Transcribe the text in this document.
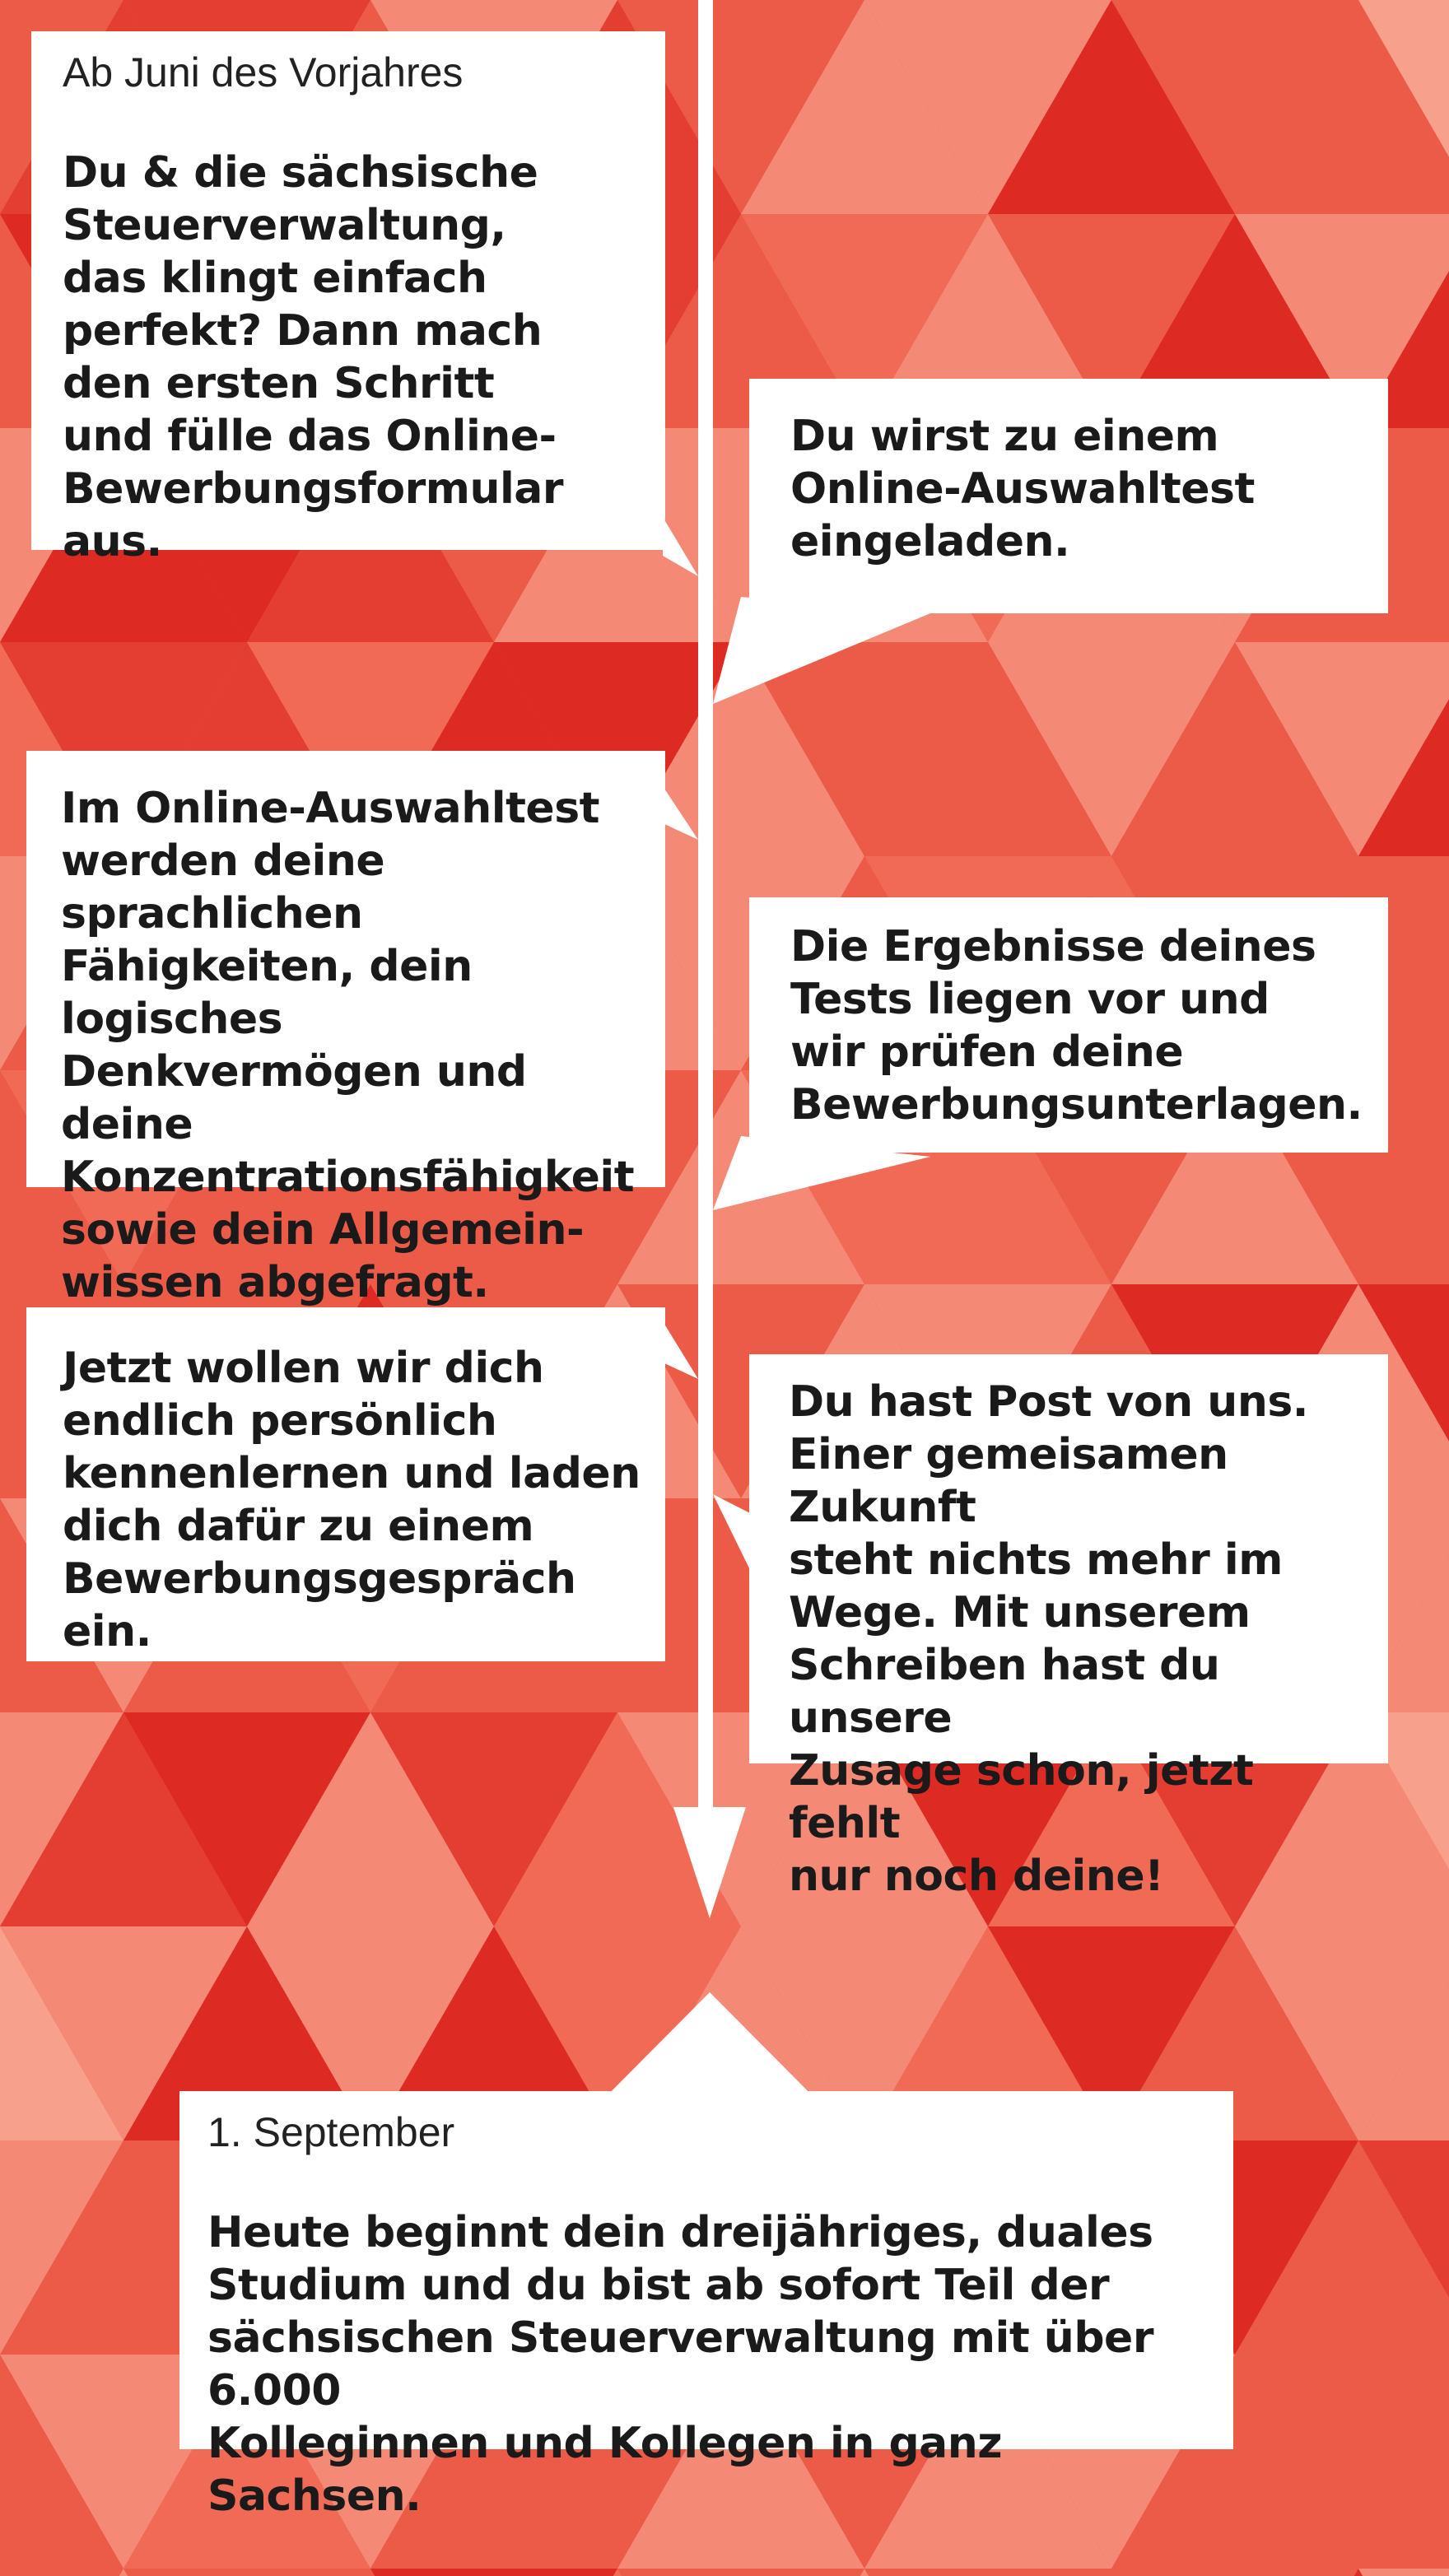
Ab Juni des Vorjahres
Du & die sächsische
Steuerverwaltung,
das klingt einfach
perfekt? Dann mach
den ersten Schritt
und fülle das Online-
Bewerbungsformular aus.
Du wirst zu einem
Online-Auswahltest
eingeladen.
Im Online-Auswahltest
werden deine sprachlichen
Fähigkeiten, dein logisches
Denkvermögen und deine
Konzentrationsfähigkeit
sowie dein Allgemein-
wissen abgefragt.
Die Ergebnisse deines
Tests liegen vor und
wir prüfen deine
Bewerbungsunterlagen.
Jetzt wollen wir dich
endlich persönlich
kennenlernen und laden
dich dafür zu einem
Bewerbungsgespräch ein.
Du hast Post von uns.
Einer gemeisamen Zukunft
steht nichts mehr im
Wege. Mit unserem
Schreiben hast du unsere
Zusage schon, jetzt fehlt
nur noch deine!
1. September
Heute beginnt dein dreijähriges, duales
Studium und du bist ab sofort Teil der
sächsischen Steuerverwaltung mit über 6.000
Kolleginnen und Kollegen in ganz Sachsen.
